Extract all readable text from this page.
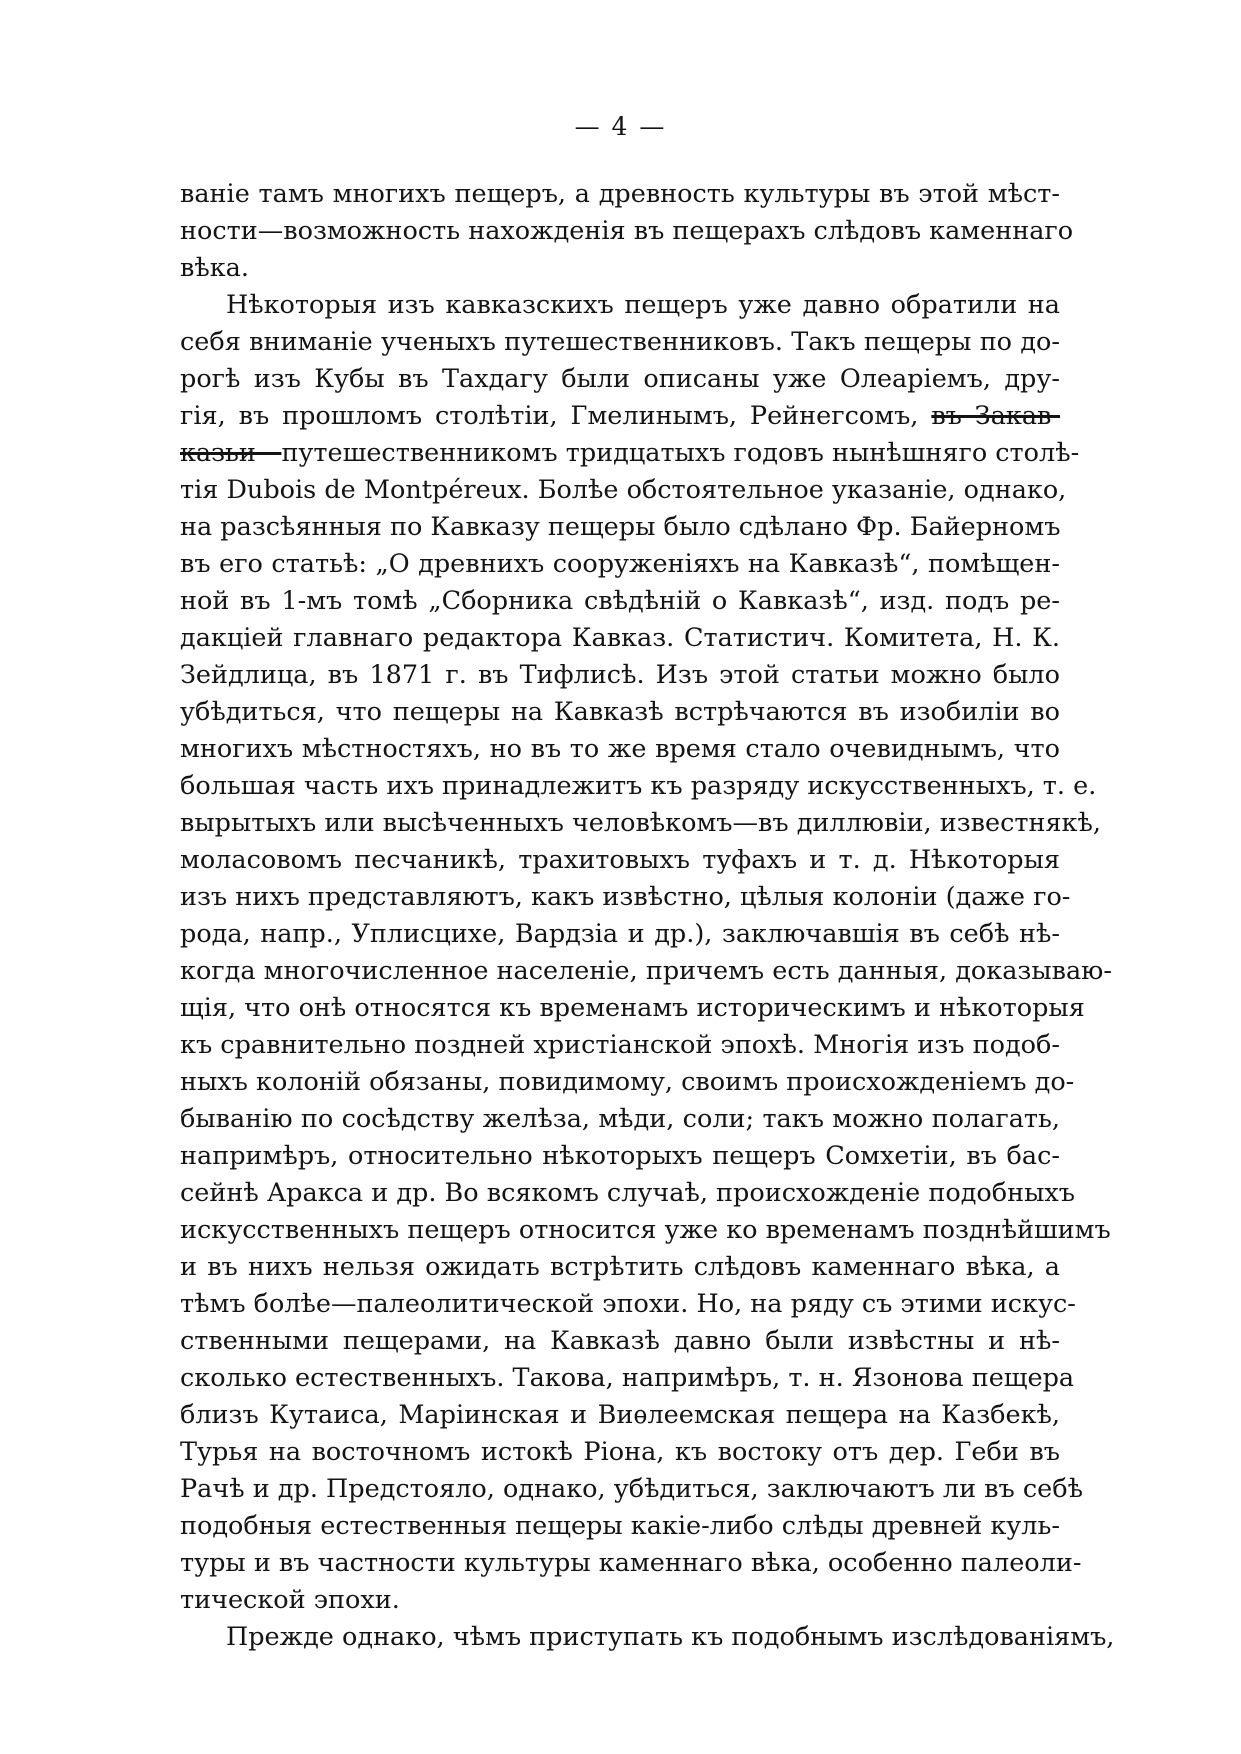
— 4 —
ваніе тамъ многихъ пещеръ, а древность культуры въ этой мѣст-
ности—возможность нахожденія въ пещерахъ слѣдовъ каменнаго
вѣка.
Нѣкоторыя изъ кавказскихъ пещеръ уже давно обратили на
себя вниманіе ученыхъ путешественниковъ. Такъ пещеры по до-
рогѣ изъ Кубы въ Тахдагу были описаны уже Олеаріемъ, дру-
гія, въ прошломъ столѣтіи, Гмелинымъ, Рейнегсомъ, въ Закав-
казьи—путешественникомъ тридцатыхъ годовъ нынѣшняго столѣ-
тія Dubois de Montpéreux. Болѣе обстоятельное указаніе, однако,
на разсѣянныя по Кавказу пещеры было сдѣлано Фр. Байерномъ
въ его статьѣ: „О древнихъ сооруженіяхъ на Кавказѣ“, помѣщен-
ной въ 1-мъ томѣ „Сборника свѣдѣній о Кавказѣ“, изд. подъ ре-
дакціей главнаго редактора Кавказ. Статистич. Комитета, Н. К.
Зейдлица, въ 1871 г. въ Тифлисѣ. Изъ этой статьи можно было
убѣдиться, что пещеры на Кавказѣ встрѣчаются въ изобиліи во
многихъ мѣстностяхъ, но въ то же время стало очевиднымъ, что
большая часть ихъ принадлежитъ къ разряду искусственныхъ, т. е.
вырытыхъ или высѣченныхъ человѣкомъ—въ диллювіи, известнякѣ,
моласовомъ песчаникѣ, трахитовыхъ туфахъ и т. д. Нѣкоторыя
изъ нихъ представляютъ, какъ извѣстно, цѣлыя колоніи (даже го-
рода, напр., Уплисцихе, Вардзіа и др.), заключавшія въ себѣ нѣ-
когда многочисленное населеніе, причемъ есть данныя, доказываю-
щія, что онѣ относятся къ временамъ историческимъ и нѣкоторыя
къ сравнительно поздней христіанской эпохѣ. Многія изъ подоб-
ныхъ колоній обязаны, повидимому, своимъ происхожденіемъ до-
быванію по сосѣдству желѣза, мѣди, соли; такъ можно полагать,
напримѣръ, относительно нѣкоторыхъ пещеръ Сомхетіи, въ бас-
сейнѣ Аракса и др. Во всякомъ случаѣ, происхожденіе подобныхъ
искусственныхъ пещеръ относится уже ко временамъ позднѣйшимъ
и въ нихъ нельзя ожидать встрѣтить слѣдовъ каменнаго вѣка, а
тѣмъ болѣе—палеолитической эпохи. Но, на ряду съ этими искус-
ственными пещерами, на Кавказѣ давно были извѣстны и нѣ-
сколько естественныхъ. Такова, напримѣръ, т. н. Язонова пещера
близъ Кутаиса, Маріинская и Виѳлеемская пещера на Казбекѣ,
Турья на восточномъ истокѣ Ріона, къ востоку отъ дер. Геби въ
Рачѣ и др. Предстояло, однако, убѣдиться, заключаютъ ли въ себѣ
подобныя естественныя пещеры какіе-либо слѣды древней куль-
туры и въ частности культуры каменнаго вѣка, особенно палеоли-
тической эпохи.
Прежде однако, чѣмъ приступать къ подобнымъ изслѣдованіямъ,
